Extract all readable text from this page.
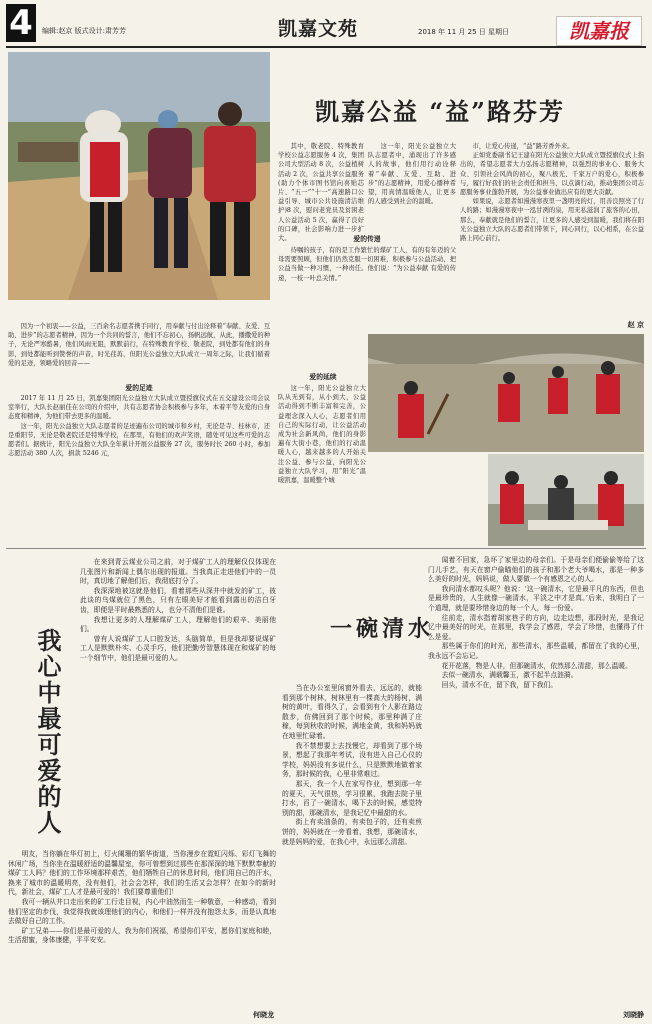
4	编辑:赵京 版式设计:肃芳芳	凯嘉文苑	2018 年 11 月 25 日 星期日	凯嘉报
凯嘉公益 “益”路芬芳

因为一个初衷——公益，三百余名志愿者携手同行，用奉献与付出诠释着“奉献、友爱、互助、进步”的志愿者精神，因为一个共同的誓言，他们不忘初心，扬帆远航，从此，播撒爱的种子，无论严寒酷暑，他们风雨无阻，默默前行，在特殊教育学校、敬老院，到处都有他们的身影，到处都能听到赞誉的声音，时光荏苒，但阳光公益独立大队成立一周年之际，让我们循着爱的足迹，领略爱的回音——

爱的足迹

2017 年 11 月 25 日，凯嘉集团阳光公益独立大队成立暨授旗仪式在五交建设公司会议室举行，大队长赵丽佳在公司的介绍中，共有志愿者协会积极参与多年，本着平等友爱的自身态度和精神，为他们带去更多的温暖。

这一年，阳光公益独立大队志愿者的足迹遍布公司的城市和乡村，无论是寺、桂林市，还是重阳节，无论是敬老院还是特殊学校，在那里，有他们的欢声笑语，随处可见这些可爱的志愿者们。据统计，阳光公益独立大队全年累计开展公益服务 27 次，服务时长 260 小时，参加志愿活动 380 人次，捐款 5246 元，

其中，敬老院、特殊教育学校公益志愿服务 4 次，集团公司大型活动 8 次，公益植树活动 2 次，公益共享公益服务(助力个体市图书馆向喜贴芯片、“五一”“十一”高速路口公益引导、城市公共设施清洁维护)8 次，慰问老党员及贫困老人公益活动 5 次，赢得了良好的口碑，社会影响力进一步扩大。

这一年，阳光公益独立大队志愿者中，涌现出了许多感人的故事，他们用行动诠释着“奉献、友爱、互助、进步”的志愿精神，用爱心播种希望，用真情温暖他人，让更多的人感受到社会的温暖。

爱的传递

待嘱的孩子，有的是工作繁忙的煤矿工人，有的有年迈的父母需要照顾，但他们仍然克服一切困难，积极参与公益活动，把公益当做一种习惯，一种责任。他们说：“为公益奉献 有爱的传递，一枝一叶总关情。”

爱的延续

这一年，阳光公益独立大队从无到有，从小到大，公益活动得到不断丰富和完善，公益理念深入人心，志愿者们用自己的实际行动，让公益活动成为社会新风尚，他们的身影遍布大街小巷，他们的行动温暖人心，越来越多的人开始关注公益、参与公益，向阳光公益独立大队学习，用“阳光”温暖凯嘉，温暖整个城

市，让爱心传递，“益”路芳香外来。

正如党委副书记王建在阳光公益独立大队成立暨授旗仪式上指出的，希望志愿者大力弘扬志愿精神，以强烈的事业心、服务大众、引领社会风尚的初心，聚八极光、千家万户的爱心，积极参与，履行好我们的社会责任和担当，以点滴行动，推动集团公司志愿服务事业蓬勃开展，为公益事业做出应有的更大贡献。

如果说，志愿者如漫漫寒夜里一盏明亮的灯，用善良照亮了行人的路；如漫漫寒夜中一泓甘冽的泉，用无私滋润了旅客的心田，那么，奉献就是他们的誓言，让更多的人感受到温暖，我们将在阳光公益独立大队的志愿者们带领下，同心同行，以心相系，在公益路上同心前行。

赵 京
我心中最可爱的人

在来到青云煤业公司之前，对于煤矿工人的理解仅仅体现在几张图片和新闻上偶尔出现的报道。当我真正走进他们中的一员时，真切地了解他们后，我彻底打分了。

我深深地被这就是他们，看着那些从深井中就发的矿工，彼此谈的乌煤就位了黑色，只有左眼美好才能看到露出的洁白牙齿，即便是平时最熟悉的人，也分不清他们是谁。

我想让更多的人理解煤矿工人，理解他们的艰辛、美丽他们。

曾有人说煤矿工人口腔发达，头脑简单，但是我却要说煤矿工人是默默朴实、心灵手巧，他们把勤劳智慧体现在和煤矿的每一个细节中，他们是最可爱的人。

明友，当你躺在华灯初上，灯火阑珊的繁华街道，当你漫步在霓虹闪烁、彩灯飞舞的休闲广场，当你坐在温暖舒适的温馨屋室，你可曾想到过那些在那深深的地下默默奉献的煤矿工人吗？他们的工作环境那样艰苦，他们牺牲自己的休息时间，他们用自己的汗水，换来了城市的温暖明亮，没有他们，社会会怎样，我们的生活又会怎样？在如今的新时代，新社会，煤矿工人才是最可爱的！我们要尊重他们！

我可一辆从井口走出来的矿工行走目视，内心中油然而生一种敬意，一种感动，看到他们坚定的步伐，我觉得我就该理他们的内心，和他们一样并没有抱怨太多，而是认真地去做好自己的工作。

矿工兄弟——你们是最可爱的人，我为你们祝福，希望你们平安，愿你们家庭和睦，生活甜蜜，身体康健，平平安安。

何晓龙
一碗清水

当在办公室里闲窗外看去，远远的，就能看到那个树林，树林里有一棵高大的杨树，满树的黄叶，看得久了，会看到有个人影在路边散步，仿佛回到了那个时候，那里种满了庄稼，每到秋收的时候，满地金黄，我和妈妈就在地里忙碌着。

我不禁想要上去找慢它，却看到了那个场景，想起了我那年考试，没有进入自己心仪的学校，妈妈没有多说什么，只是默默地做着家务，那时候的我，心里非常难过。

那天，我一个人在家写作业，想到那一年的夏天，天气很热，学习很累，我跑去院子里打水，舀了一碗清水，喝下去的时候，感觉特别的甜，那碗清水，是我记忆中最甜的水。

街上有卖油条的，有卖包子的，还有卖煎饼的，妈妈就在一旁看着，我想，那碗清水，就是妈妈的爱，在我心中，永远那么清甜。

闻着不回家，急坏了家里边的母亲们。于是母亲们便偷偷等给了这门儿手艺，有天在窗户偷瞄他们的孩子和那个老大爷喝水，那是一种多么美好的时光，妈妈说，做人要做一个有感恩之心的人。

我问清水都叹头呢？他说：‘这一碗清水，它是最平凡的东西，但也是最珍贵的，人生就像一碗清水，平淡之中才是真。’后来，我明白了一个道理，就是要珍惜身边的每一个人，每一份爱。

往前走，清水指着胡家巷子的方向，边走边想，那段时光，是我记忆中最美好的时光，在那里，我学会了感恩，学会了珍惜，也懂得了什么是爱。

那些属于你们的时光，那些清水，那些温暖，都留在了我的心里，我永远不会忘记。

花开花落，物是人非，但那碗清水，依然那么清甜，那么温暖。

去似一碗清水，满载馨玉，激不起半点涟漪。

回头，清水不在，留下我，留下我们。

刘晓静
